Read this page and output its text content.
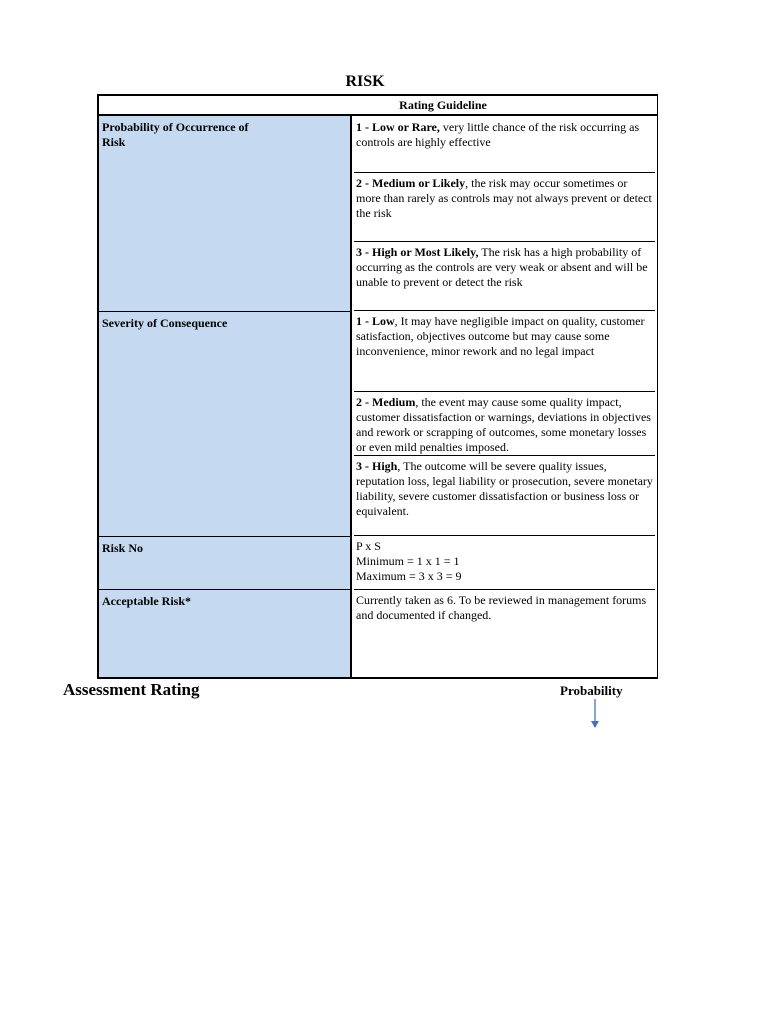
RISK
Rating Guideline
Probability of Occurrence of Risk
Severity of Consequence
Risk No
Acceptable Risk*
1 - Low or Rare, very little chance of the risk occurring as controls are highly effective
2 - Medium or Likely, the risk may occur sometimes or more than rarely as controls may not always prevent or detect the risk
3 - High or Most Likely, The risk has a high probability of occurring as the controls are very weak or absent and will be unable to prevent or detect the risk
1 - Low, It may have negligible impact on quality, customer satisfaction, objectives outcome but may cause some inconvenience, minor rework and no legal impact
2 - Medium, the event may cause some quality impact, customer dissatisfaction or warnings, deviations in objectives and rework or scrapping of outcomes, some monetary losses or even mild penalties imposed.
3 - High, The outcome will be severe quality issues, reputation loss, legal liability or prosecution, severe monetary liability, severe customer dissatisfaction or business loss or equivalent.
P x S
Minimum = 1 x 1 = 1
Maximum = 3 x 3 = 9
Currently taken as 6. To be reviewed in management forums and documented if changed.
Assessment Rating	Probability
